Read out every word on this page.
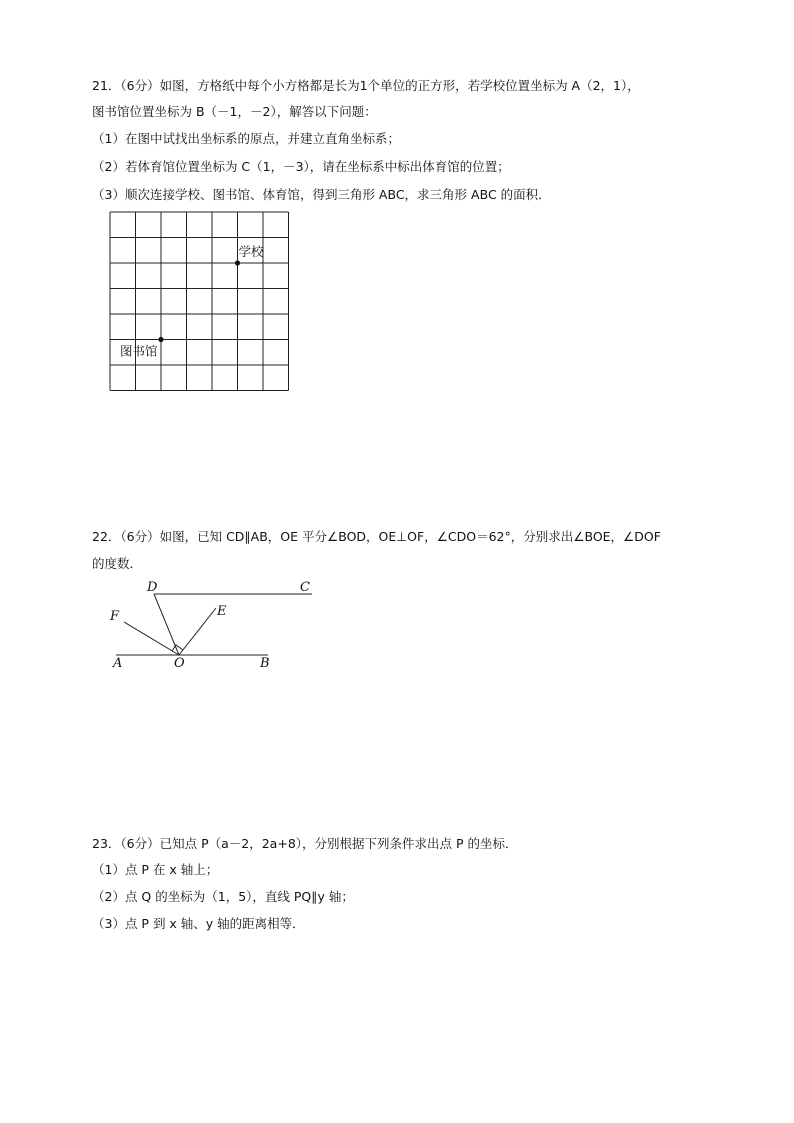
21．（6分）如图，方格纸中每个小方格都是长为1个单位的正方形，若学校位置坐标为 A（2，1），
图书馆位置坐标为 B（－1，－2），解答以下问题：
（1）在图中试找出坐标系的原点，并建立直角坐标系；
（2）若体育馆位置坐标为 C（1，－3），请在坐标系中标出体育馆的位置；
（3）顺次连接学校、图书馆、体育馆，得到三角形 ABC，求三角形 ABC 的面积．
学校
图书馆
22．（6分）如图，已知 CD∥AB，OE 平分∠BOD，OE⊥OF，∠CDO＝62°，分别求出∠BOE，∠DOF
的度数．
D	C
E
F
A	O	B
23．（6分）已知点 P（a－2，2a+8），分别根据下列条件求出点 P 的坐标．
（1）点 P 在 x 轴上；
（2）点 Q 的坐标为（1，5），直线 PQ∥y 轴；
（3）点 P 到 x 轴、y 轴的距离相等．
